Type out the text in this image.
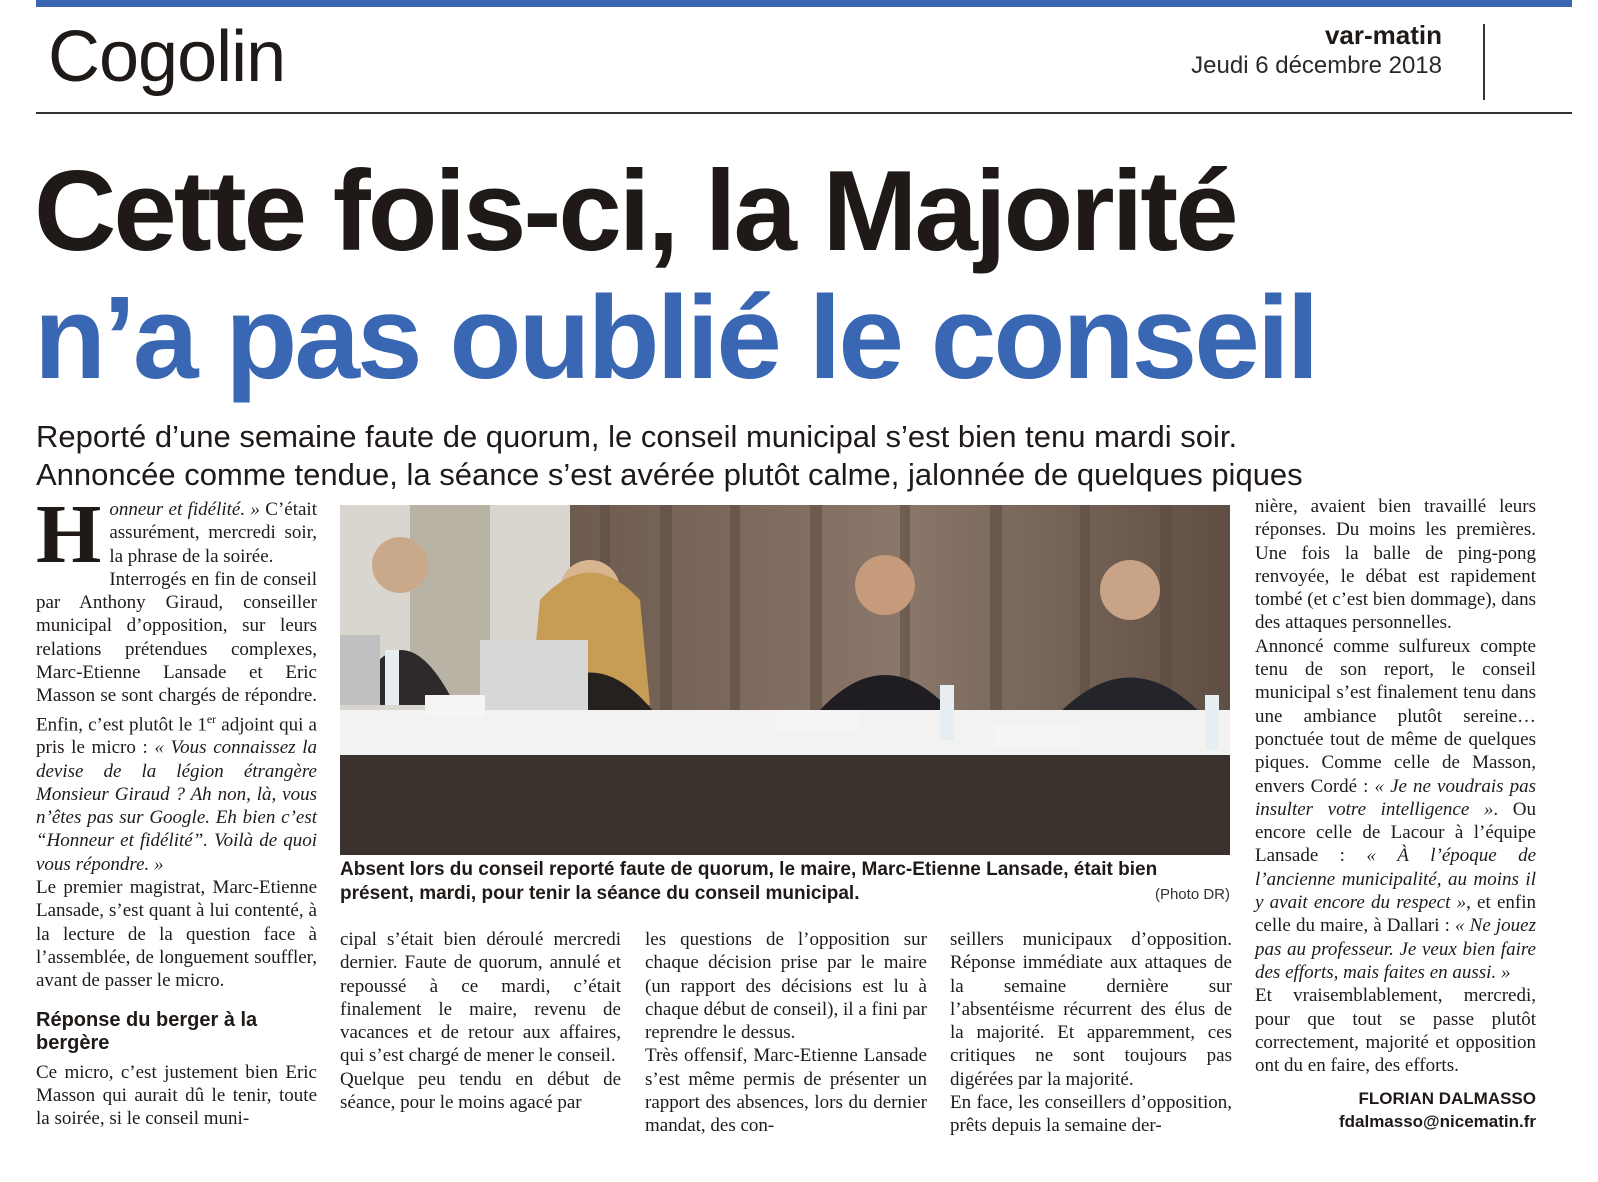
Cogolin	var-matin
Jeudi 6 décembre 2018
Cette fois-ci, la Majorité
n’a pas oublié le conseil
Reporté d’une semaine faute de quorum, le conseil municipal s’est bien tenu mardi soir.
Annoncée comme tendue, la séance s’est avérée plutôt calme, jalonnée de quelques piques

Honneur et fidélité. » C’était assurément, mercredi soir, la phrase de la soirée.

Interrogés en fin de conseil par Anthony Giraud, conseiller municipal d’opposition, sur leurs relations prétendues complexes, Marc-Etienne Lansade et Eric Masson se sont chargés de répondre. Enfin, c’est plutôt le 1er adjoint qui a pris le micro : « Vous connaissez la devise de la légion étrangère Monsieur Giraud ? Ah non, là, vous n’êtes pas sur Google. Eh bien c’est “Honneur et fidélité”. Voilà de quoi vous répondre. »

Le premier magistrat, Marc-Etienne Lansade, s’est quant à lui contenté, à la lecture de la question face à l’assemblée, de longuement souffler, avant de passer le micro.

Réponse du berger à la bergère

Ce micro, c’est justement bien Eric Masson qui aurait dû le tenir, toute la soirée, si le conseil muni-

Absent lors du conseil reporté faute de quorum, le maire, Marc-Etienne Lansade, était bien présent, mardi, pour tenir la séance du conseil municipal.	(Photo DR)

cipal s’était bien déroulé mercredi dernier. Faute de quorum, annulé et repoussé à ce mardi, c’était finalement le maire, revenu de vacances et de retour aux affaires, qui s’est chargé de mener le conseil.

Quelque peu tendu en début de séance, pour le moins agacé par

les questions de l’opposition sur chaque décision prise par le maire (un rapport des décisions est lu à chaque début de conseil), il a fini par reprendre le dessus.

Très offensif, Marc-Etienne Lansade s’est même permis de présenter un rapport des absences, lors du dernier mandat, des con-

seillers municipaux d’opposition. Réponse immédiate aux attaques de la semaine dernière sur l’absentéisme récurrent des élus de la majorité. Et apparemment, ces critiques ne sont toujours pas digérées par la majorité.

En face, les conseillers d’opposition, prêts depuis la semaine der-

nière, avaient bien travaillé leurs réponses. Du moins les premières. Une fois la balle de ping-pong renvoyée, le débat est rapidement tombé (et c’est bien dommage), dans des attaques personnelles.

Annoncé comme sulfureux compte tenu de son report, le conseil municipal s’est finalement tenu dans une ambiance plutôt sereine… ponctuée tout de même de quelques piques. Comme celle de Masson, envers Cordé : « Je ne voudrais pas insulter votre intelligence ». Ou encore celle de Lacour à l’équipe Lansade : « À l’époque de l’ancienne municipalité, au moins il y avait encore du respect », et enfin celle du maire, à Dallari : « Ne jouez pas au professeur. Je veux bien faire des efforts, mais faites en aussi. »

Et vraisemblablement, mercredi, pour que tout se passe plutôt correctement, majorité et opposition ont du en faire, des efforts.

FLORIAN DALMASSO
fdalmasso@nicematin.fr
